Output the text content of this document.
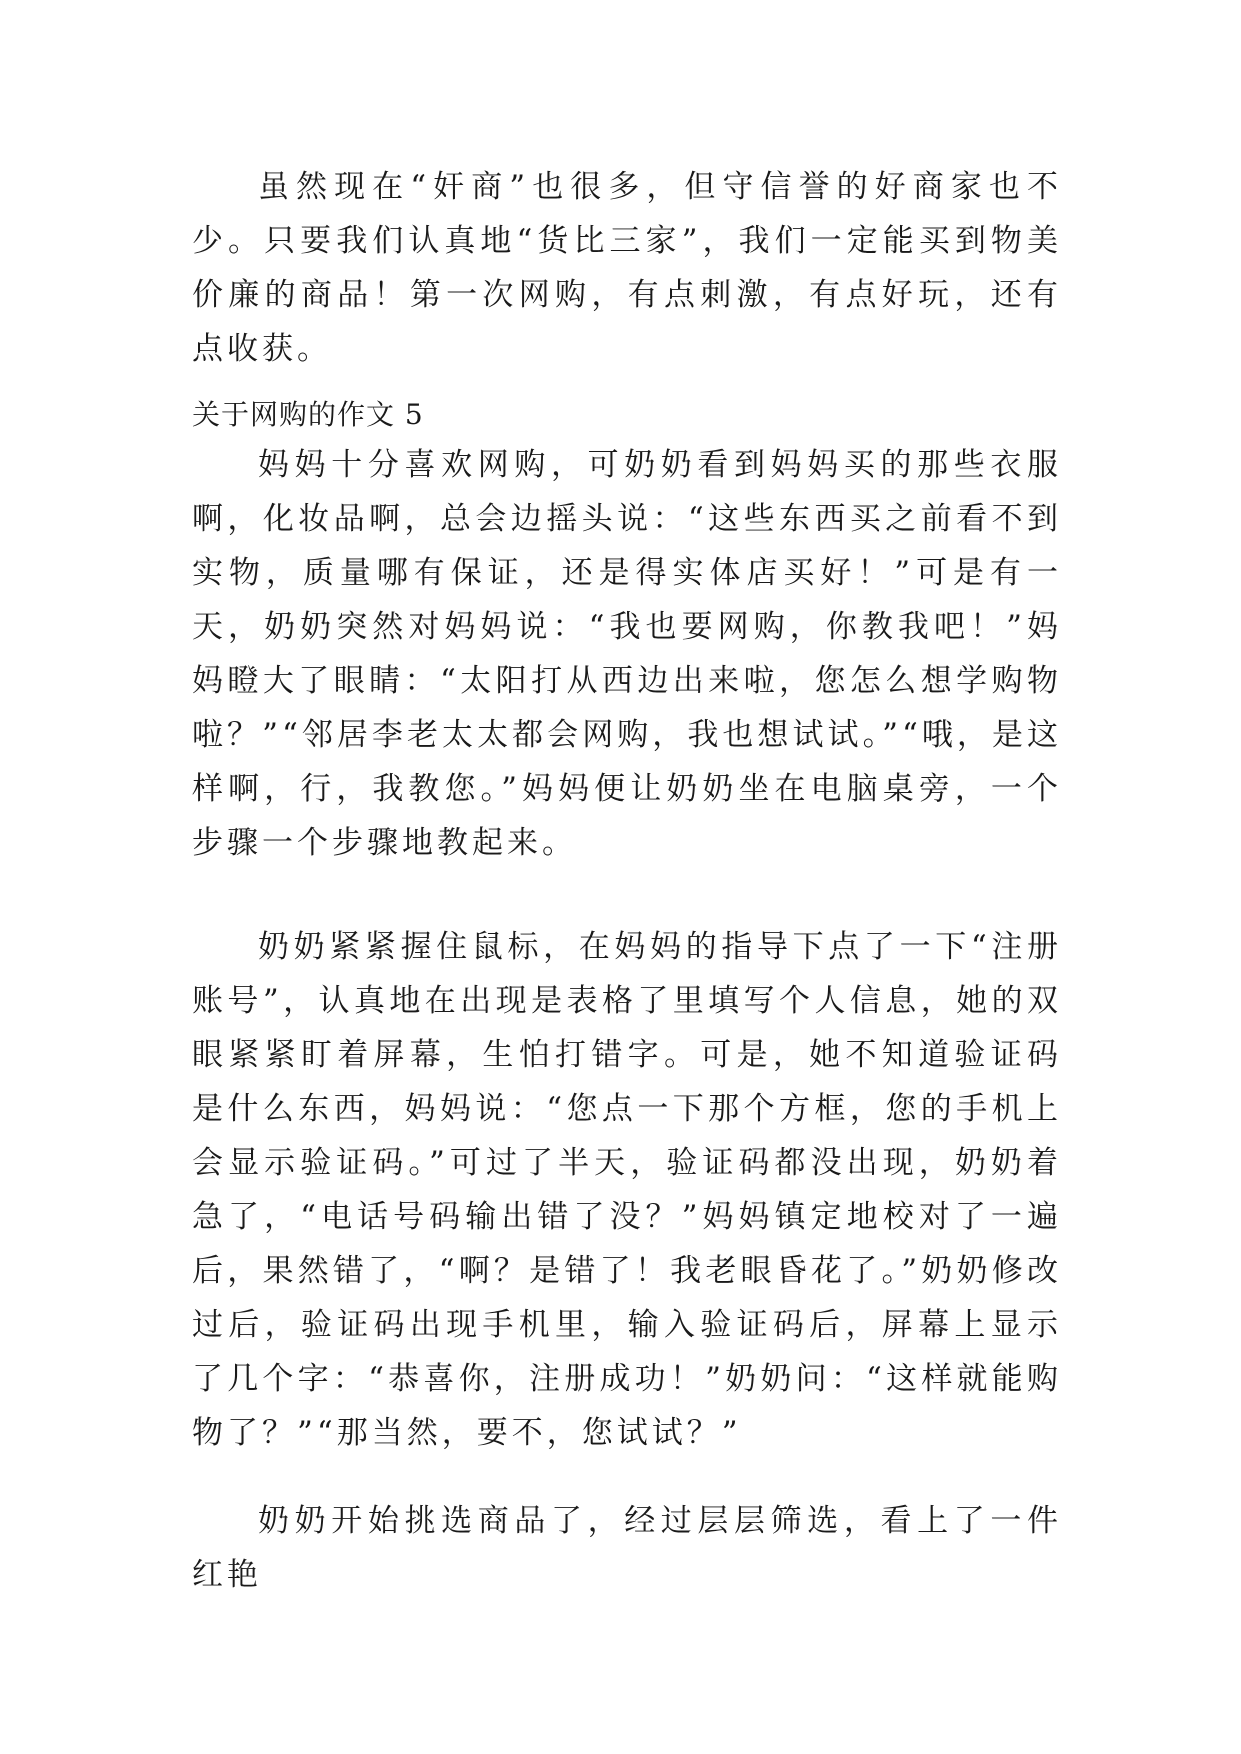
虽然现在“奸商”也很多，但守信誉的好商家也不少。只要我们认真地“货比三家”，我们一定能买到物美价廉的商品！第一次网购，有点刺激，有点好玩，还有点收获。

关于网购的作文 5

妈妈十分喜欢网购，可奶奶看到妈妈买的那些衣服啊，化妆品啊，总会边摇头说：“这些东西买之前看不到实物，质量哪有保证，还是得实体店买好！”可是有一天，奶奶突然对妈妈说：“我也要网购，你教我吧！”妈妈瞪大了眼睛：“太阳打从西边出来啦，您怎么想学购物啦？”“邻居李老太太都会网购，我也想试试。”“哦，是这样啊，行，我教您。”妈妈便让奶奶坐在电脑桌旁，一个步骤一个步骤地教起来。

奶奶紧紧握住鼠标，在妈妈的指导下点了一下“注册账号”，认真地在出现是表格了里填写个人信息，她的双眼紧紧盯着屏幕，生怕打错字。可是，她不知道验证码是什么东西，妈妈说：“您点一下那个方框，您的手机上会显示验证码。”可过了半天，验证码都没出现，奶奶着急了，“电话号码输出错了没？”妈妈镇定地校对了一遍后，果然错了，“啊？是错了！我老眼昏花了。”奶奶修改过后，验证码出现手机里，输入验证码后，屏幕上显示了几个字：“恭喜你，注册成功！”奶奶问：“这样就能购物了？”“那当然，要不，您试试？”

奶奶开始挑选商品了，经过层层筛选，看上了一件红艳
